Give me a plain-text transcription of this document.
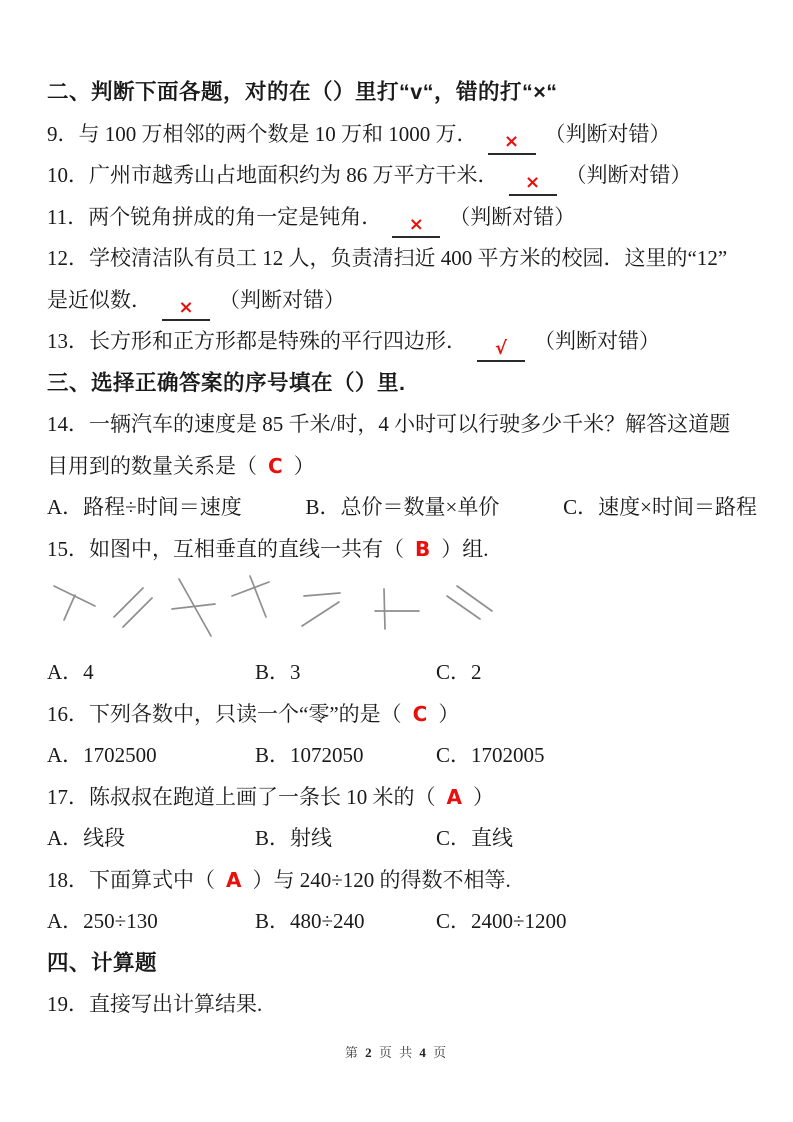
二、判断下面各题，对的在（）里打“v“，错的打“×“
9．与 100 万相邻的两个数是 10 万和 1000 万． × （判断对错）
10．广州市越秀山占地面积约为 86 万平方干米． × （判断对错）
11．两个锐角拼成的角一定是钝角． × （判断对错）
12．学校清洁队有员工 12 人，负责清扫近 400 平方米的校园．这里的“12”
是近似数． × （判断对错）
13．长方形和正方形都是特殊的平行四边形． √ （判断对错）
三、选择正确答案的序号填在（）里.
14．一辆汽车的速度是 85 千米/时，4 小时可以行驶多少千米？解答这道题
目用到的数量关系是（ C ）
A．路程÷时间＝速度	B．总价＝数量×单价	C．速度×时间＝路程
15．如图中，互相垂直的直线一共有（ B ）组.
A．4	B．3	C．2
16．下列各数中，只读一个“零”的是（ C ）
A．1702500	B．1072050	C．1702005
17．陈叔叔在跑道上画了一条长 10 米的（ A ）
A．线段	B．射线	C．直线
18．下面算式中（ A ）与 240÷120 的得数不相等.
A．250÷130	B．480÷240	C．2400÷1200
四、计算题
19．直接写出计算结果.
第 2 页 共 4 页
